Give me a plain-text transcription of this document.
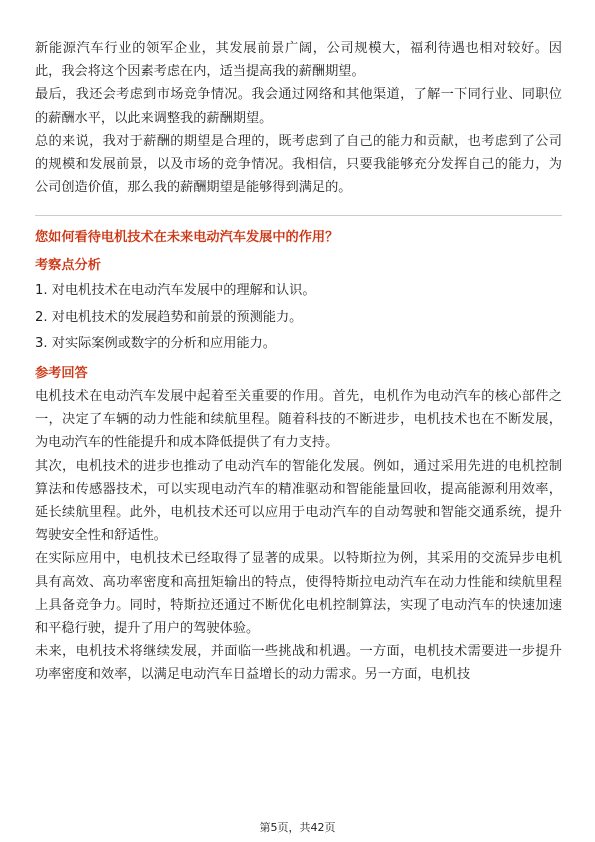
新能源汽车行业的领军企业，其发展前景广阔，公司规模大，福利待遇也相对较好。因此，我会将这个因素考虑在内，适当提高我的薪酬期望。

最后，我还会考虑到市场竞争情况。我会通过网络和其他渠道，了解一下同行业、同职位的薪酬水平，以此来调整我的薪酬期望。

总的来说，我对于薪酬的期望是合理的，既考虑到了自己的能力和贡献，也考虑到了公司的规模和发展前景，以及市场的竞争情况。我相信，只要我能够充分发挥自己的能力，为公司创造价值，那么我的薪酬期望是能够得到满足的。

您如何看待电机技术在未来电动汽车发展中的作用？

考察点分析

1. 对电机技术在电动汽车发展中的理解和认识。
2. 对电机技术的发展趋势和前景的预测能力。
3. 对实际案例或数字的分析和应用能力。

参考回答

电机技术在电动汽车发展中起着至关重要的作用。首先，电机作为电动汽车的核心部件之一，决定了车辆的动力性能和续航里程。随着科技的不断进步，电机技术也在不断发展，为电动汽车的性能提升和成本降低提供了有力支持。

其次，电机技术的进步也推动了电动汽车的智能化发展。例如，通过采用先进的电机控制算法和传感器技术，可以实现电动汽车的精准驱动和智能能量回收，提高能源利用效率，延长续航里程。此外，电机技术还可以应用于电动汽车的自动驾驶和智能交通系统，提升驾驶安全性和舒适性。

在实际应用中，电机技术已经取得了显著的成果。以特斯拉为例，其采用的交流异步电机具有高效、高功率密度和高扭矩输出的特点，使得特斯拉电动汽车在动力性能和续航里程上具备竞争力。同时，特斯拉还通过不断优化电机控制算法，实现了电动汽车的快速加速和平稳行驶，提升了用户的驾驶体验。

未来，电机技术将继续发展，并面临一些挑战和机遇。一方面，电机技术需要进一步提升功率密度和效率，以满足电动汽车日益增长的动力需求。另一方面，电机技

第5页，共42页
